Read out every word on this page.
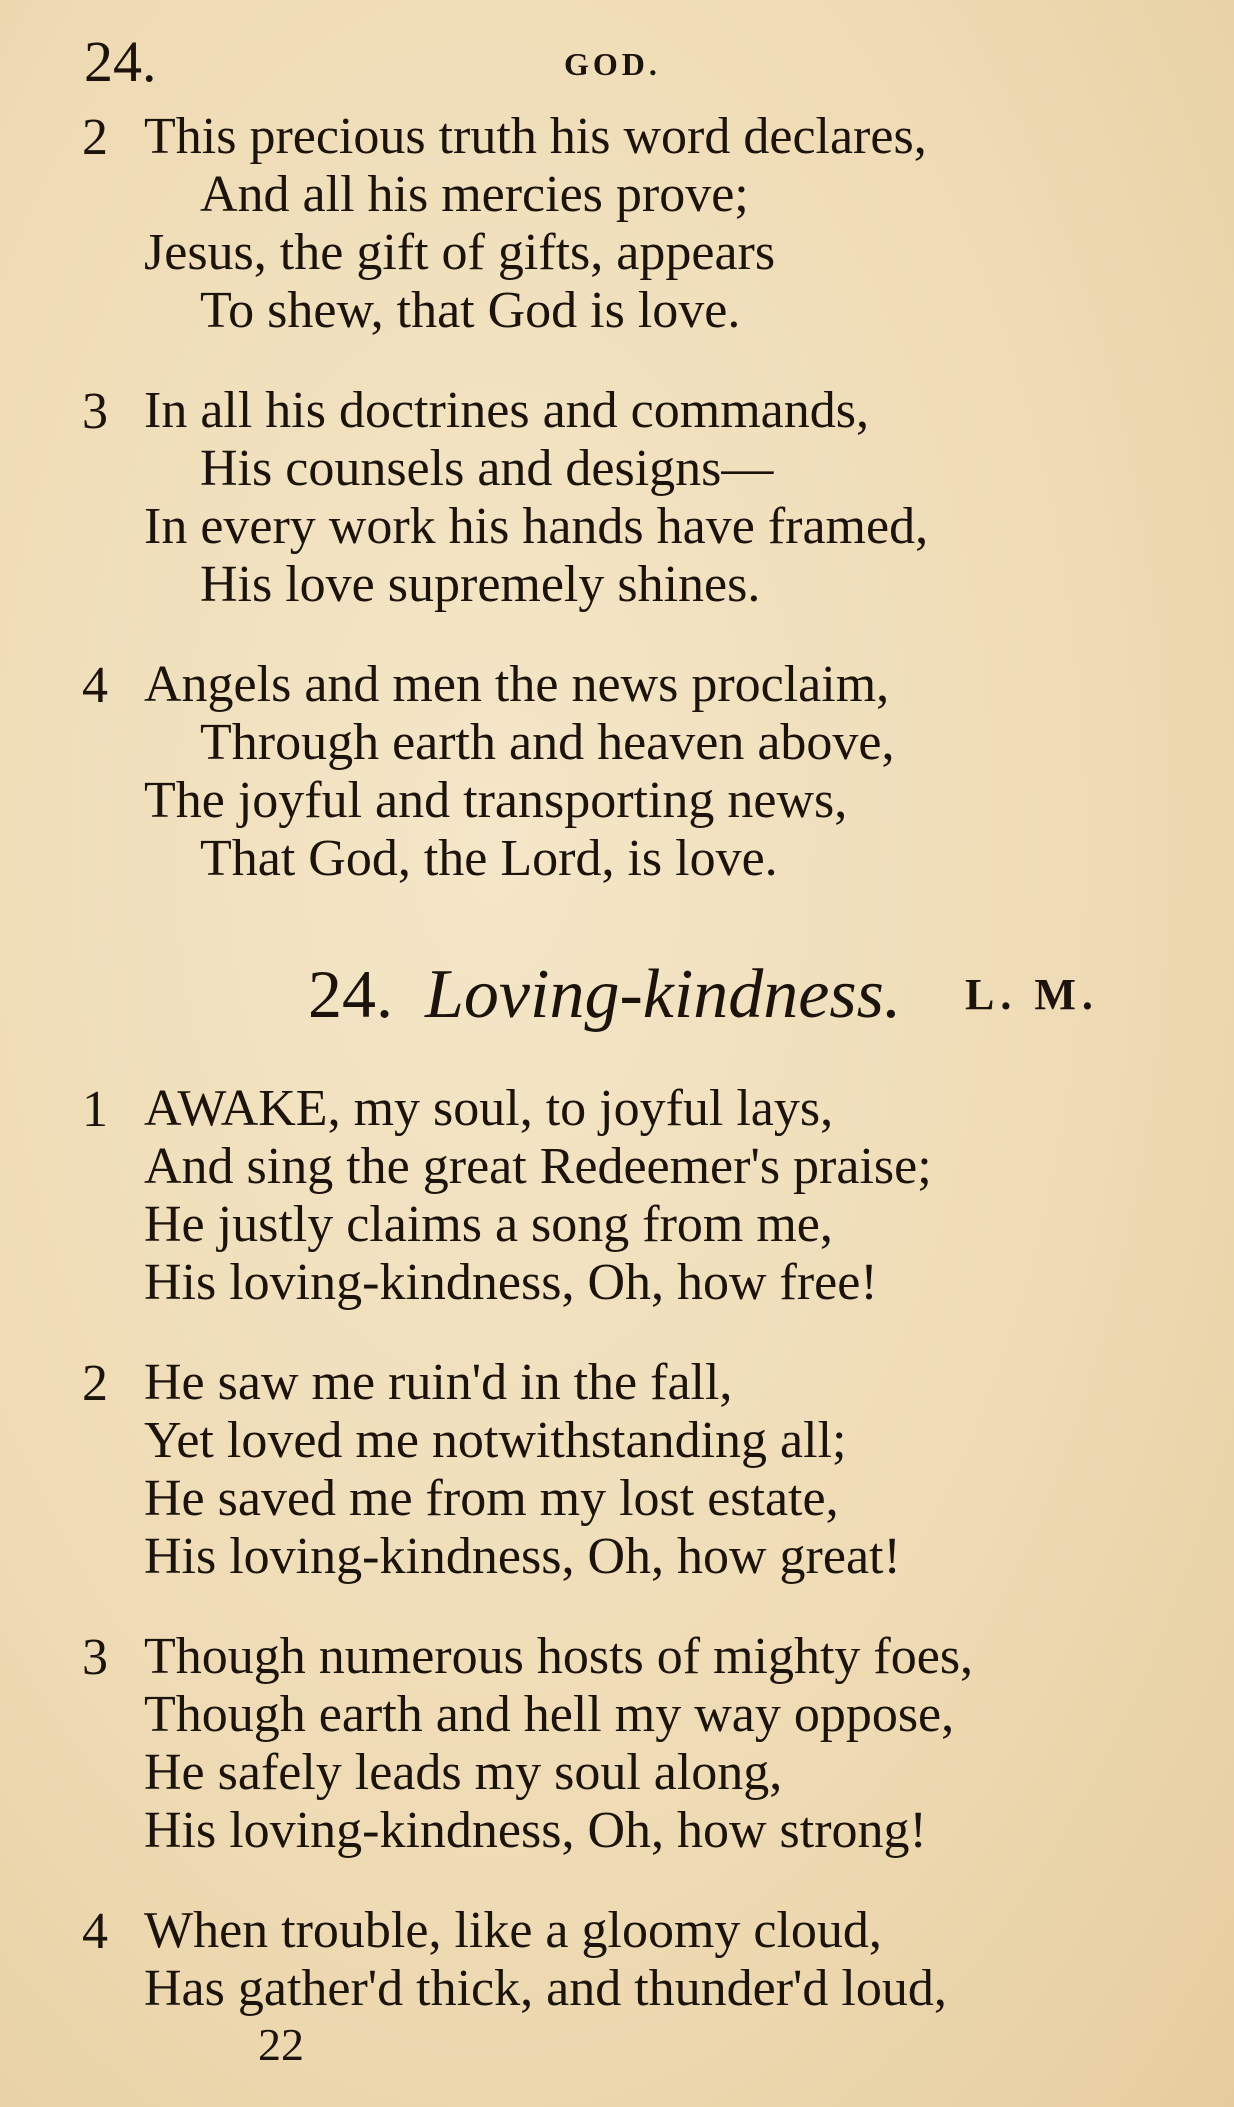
24.	GOD.
2 This precious truth his word declares,
And all his mercies prove;
Jesus, the gift of gifts, appears
To shew, that God is love.
3 In all his doctrines and commands,
His counsels and designs—
In every work his hands have framed,
His love supremely shines.
4 Angels and men the news proclaim,
Through earth and heaven above,
The joyful and transporting news,
That God, the Lord, is love.
24. Loving-kindness. L. M.
1 AWAKE, my soul, to joyful lays,
And sing the great Redeemer's praise;
He justly claims a song from me,
His loving-kindness, Oh, how free!
2 He saw me ruin'd in the fall,
Yet loved me notwithstanding all;
He saved me from my lost estate,
His loving-kindness, Oh, how great!
3 Though numerous hosts of mighty foes,
Though earth and hell my way oppose,
He safely leads my soul along,
His loving-kindness, Oh, how strong!
4 When trouble, like a gloomy cloud,
Has gather'd thick, and thunder'd loud,
22
